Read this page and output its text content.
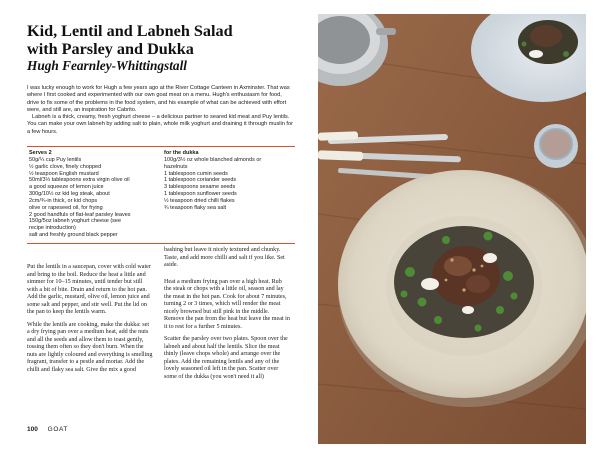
Kid, Lentil and Labneh Salad
with Parsley and Dukka
Hugh Fearnley-Whittingstall

I was lucky enough to work for Hugh a few years ago at the River Cottage Canteen in Axminster. That was where I first cooked and experimented with our own goat meat on a menu. Hugh's enthusiasm for food, drive to fix some of the problems in the food system, and his example of what can be achieved with effort were, and still are, an inspiration for Cabrito.

Labneh is a thick, creamy, fresh yoghurt cheese – a delicious partner to seared kid meat and Puy lentils. You can make your own labneh by adding salt to plain, whole milk yoghurt and draining it through muslin for a few hours.

Serves 2
50g/¼ cup Puy lentils
½ garlic clove, finely chopped
½ teaspoon English mustard
50ml/3⅓ tablespoons extra virgin olive oil
a good squeeze of lemon juice
300g/10½ oz kid leg steak, about
2cm/¾-in thick, or kid chops
olive or rapeseed oil, for frying
2 good handfuls of flat-leaf parsley leaves
150g/5oz labneh yoghurt cheese (see
recipe introduction)
salt and freshly ground black pepper
for the dukka
100g/3½ oz whole blanched almonds or
hazelnuts
1 tablespoon cumin seeds
1 tablespoon coriander seeds
3 tablespoons sesame seeds
1 tablespoon sunflower seeds
½ teaspoon dried chilli flakes
¾ teaspoon flaky sea salt

Put the lentils in a saucepan, cover with cold water and bring to the boil. Reduce the heat a little and simmer for 10–15 minutes, until tender but still with a bit of bite. Drain and return to the hot pan. Add the garlic, mustard, olive oil, lemon juice and some salt and pepper, and stir well. Put the lid on the pan to keep the lentils warm.

While the lentils are cooking, make the dukka: set a dry frying pan over a medium heat, add the nuts and all the seeds and allow them to toast gently, tossing them often so they don't burn. When the nuts are lightly coloured and everything is smelling fragrant, transfer to a pestle and mortar. Add the chilli and flaky sea salt. Give the mix a good

bashing but leave it nicely textured and chunky. Taste, and add more chilli and salt if you like. Set aside.

Heat a medium frying pan over a high heat. Rub the steak or chops with a little oil, season and lay the meat in the hot pan. Cook for about 7 minutes, turning 2 or 3 times, which will render the meat nicely browned but still pink in the middle. Remove the pan from the heat but leave the meat in it to rest for a further 5 minutes.

Scatter the parsley over two plates. Spoon over the labneh and about half the lentils. Slice the meat thinly (leave chops whole) and arrange over the plates. Add the remaining lentils and any of the lovely seasoned oil left in the pan. Scatter over some of the dukka (you won't need it all)

100 GOAT
